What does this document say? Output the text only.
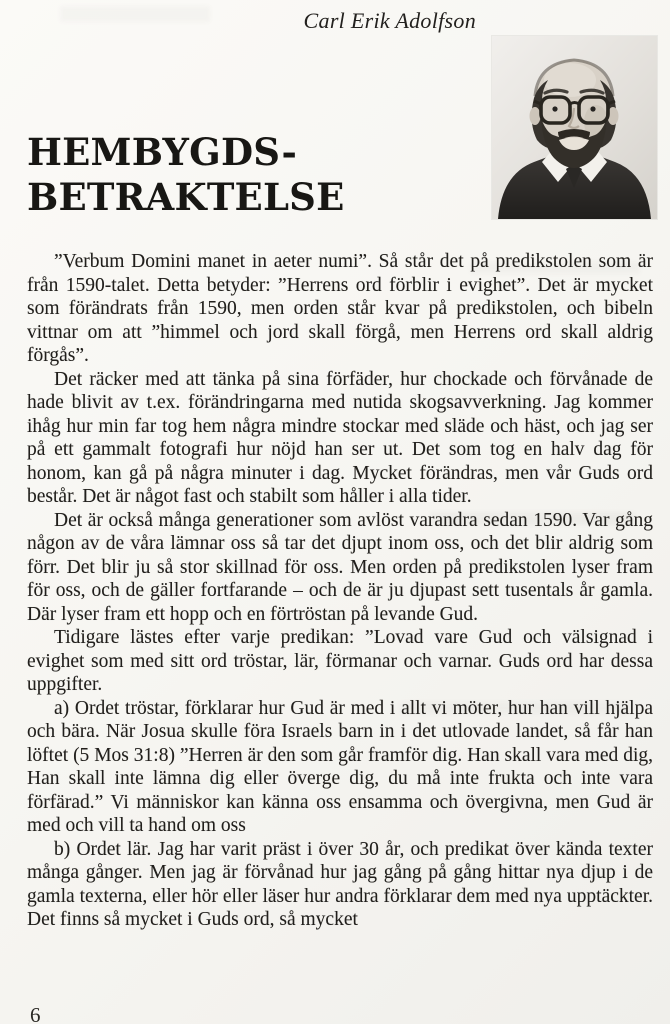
Carl Erik Adolfson
HEMBYGDS-
BETRAKTELSE

”Verbum Domini manet in aeter numi”. Så står det på predikstolen som är från 1590-talet. Detta betyder: ”Herrens ord förblir i evighet”. Det är mycket som förändrats från 1590, men orden står kvar på predikstolen, och bibeln vittnar om att ”himmel och jord skall förgå, men Herrens ord skall aldrig förgås”.

Det räcker med att tänka på sina förfäder, hur chockade och förvånade de hade blivit av t.ex. förändringarna med nutida skogsavverkning. Jag kommer ihåg hur min far tog hem några mindre stockar med släde och häst, och jag ser på ett gammalt fotografi hur nöjd han ser ut. Det som tog en halv dag för honom, kan gå på några minuter i dag. Mycket förändras, men vår Guds ord består. Det är något fast och stabilt som håller i alla tider.

Det är också många generationer som avlöst varandra sedan 1590. Var gång någon av de våra lämnar oss så tar det djupt inom oss, och det blir aldrig som förr. Det blir ju så stor skillnad för oss. Men orden på predikstolen lyser fram för oss, och de gäller fortfarande – och de är ju djupast sett tusentals år gamla. Där lyser fram ett hopp och en förtröstan på levande Gud.

Tidigare lästes efter varje predikan: ”Lovad vare Gud och välsignad i evighet som med sitt ord tröstar, lär, förmanar och varnar. Guds ord har dessa uppgifter.

a) Ordet tröstar, förklarar hur Gud är med i allt vi möter, hur han vill hjälpa och bära. När Josua skulle föra Israels barn in i det utlovade landet, så får han löftet (5 Mos 31:8) ”Herren är den som går framför dig. Han skall vara med dig, Han skall inte lämna dig eller överge dig, du må inte frukta och inte vara förfärad.” Vi människor kan känna oss ensamma och övergivna, men Gud är med och vill ta hand om oss

b) Ordet lär. Jag har varit präst i över 30 år, och predikat över kända texter många gånger. Men jag är förvånad hur jag gång på gång hittar nya djup i de gamla texterna, eller hör eller läser hur andra förklarar dem med nya upptäckter. Det finns så mycket i Guds ord, så mycket

6
